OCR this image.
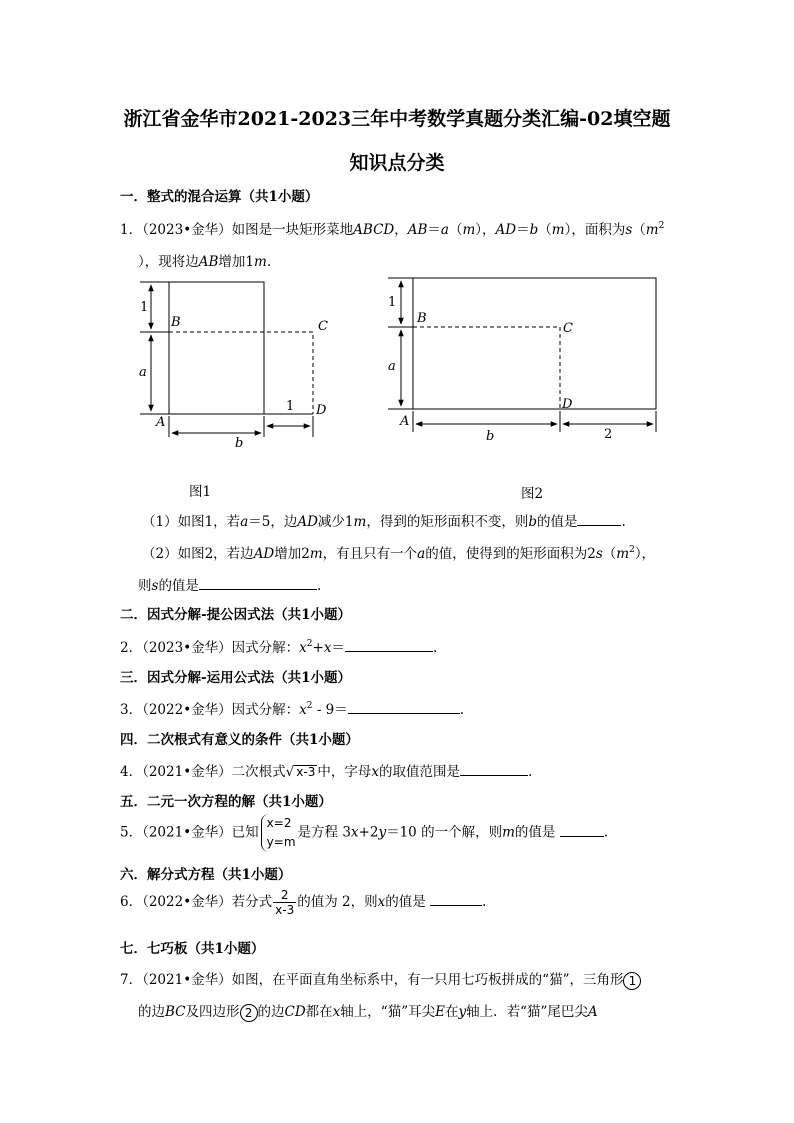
浙江省金华市2021-2023三年中考数学真题分类汇编-02填空题
知识点分类
一．整式的混合运算（共1小题）
1．（2023•金华）如图是一块矩形菜地ABCD，AB＝a（m），AD＝b（m），面积为$s(m^2$
），现将边AB增加1m.
1
B	C
a
A
D
1
b
1
B
C
a
A
D
b	2
图1	图2
（1）如图1，若a＝5，边AD减少1m，得到的矩形面积不变，则b的值是	.
（2）如图2，若边AD增加2m，有且只有一个a的值，使得到的矩形面积为$2s(m^2)$，
则s的值是	.
二．因式分解-提公因式法（共1小题）
2．（2023•金华）因式分解：$x^2+x=$	.
三．因式分解-运用公式法（共1小题）
3．（2022•金华）因式分解：$x^2 - 9=$	.
四．二次根式有意义的条件（共1小题）
4．（2021•金华）二次根式√ x-3 中，字母x的取值范围是	.
五．二元一次方程的解（共1小题）
5．（2021•金华）已知
x=2
y=m
是方程 3x+2y＝10 的一个解，则m的值是	.
六．解分式方程（共1小题）
6．（2022•金华）若分式 $\frac{2}{x-3}$ 的值为 2，则x的值是	.
七．七巧板（共1小题）
7．（2021•金华）如图，在平面直角坐标系中，有一只用七巧板拼成的“猫”，三角形 1
的边BC及四边形 2 的边CD都在x轴上，“猫”耳尖E在y轴上．若“猫”尾巴尖A
